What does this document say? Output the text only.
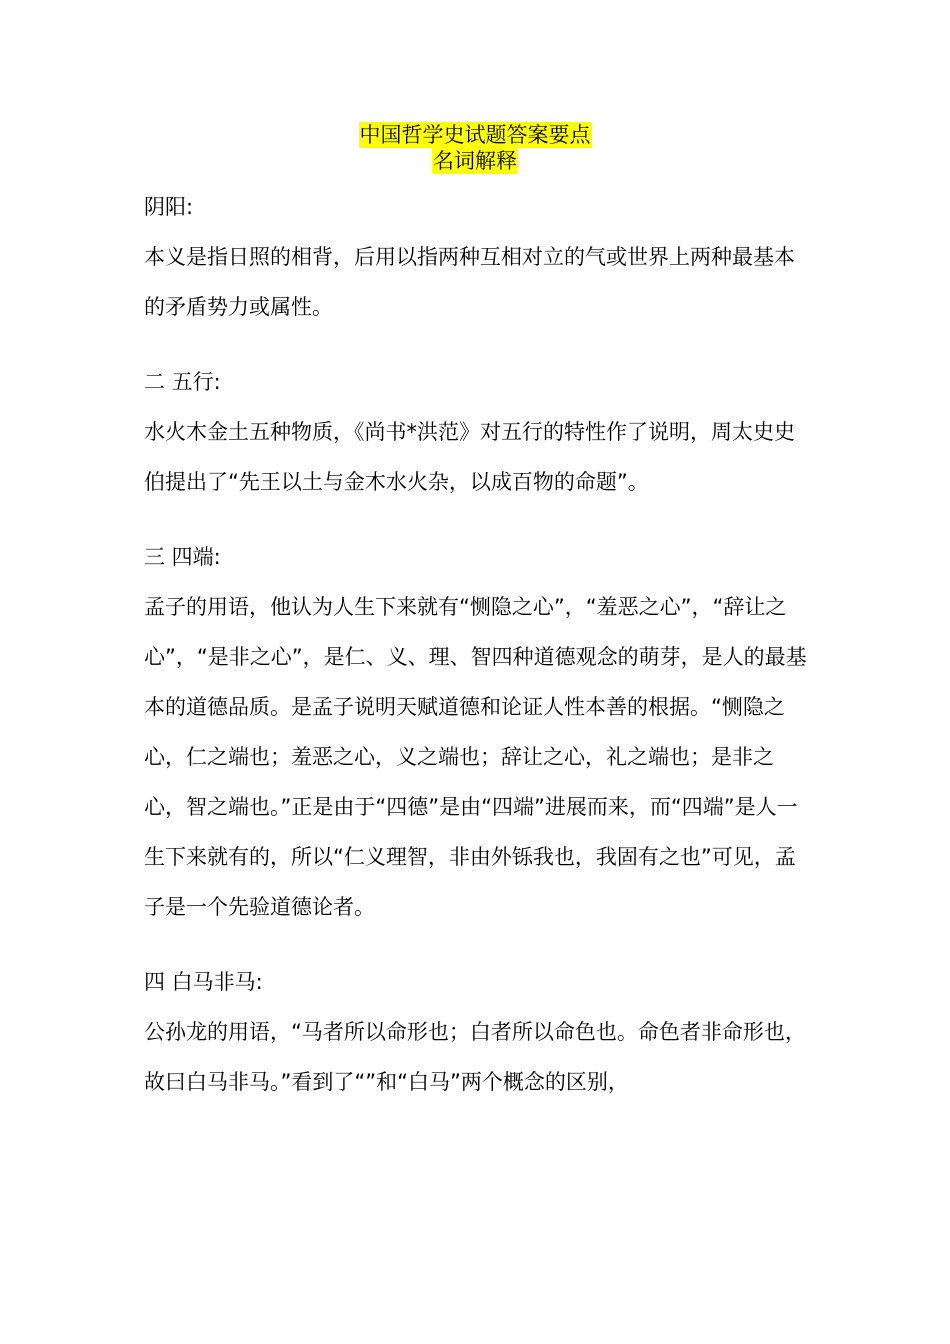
中国哲学史试题答案要点
名词解释

阴阳:

本义是指日照的相背，后用以指两种互相对立的气或世界上两种最基本的矛盾势力或属性。

二 五行:

水火木金土五种物质，《尚书*洪范》对五行的特性作了说明，周太史史伯提出了“先王以土与金木水火杂，以成百物的命题”。

三 四端:

孟子的用语，他认为人生下来就有“恻隐之心”，“羞恶之心”，“辞让之心”，“是非之心”，是仁、义、理、智四种道德观念的萌芽，是人的最基本的道德品质。是孟子说明天赋道德和论证人性本善的根据。“恻隐之心，仁之端也；羞恶之心，义之端也；辞让之心，礼之端也；是非之心，智之端也。”正是由于“四德”是由“四端”进展而来，而“四端”是人一生下来就有的，所以“仁义理智，非由外铄我也，我固有之也”可见，孟子是一个先验道德论者。

四 白马非马:

公孙龙的用语，“马者所以命形也；白者所以命色也。命色者非命形也，故曰白马非马。”看到了“”和“白马”两个概念的区别，
